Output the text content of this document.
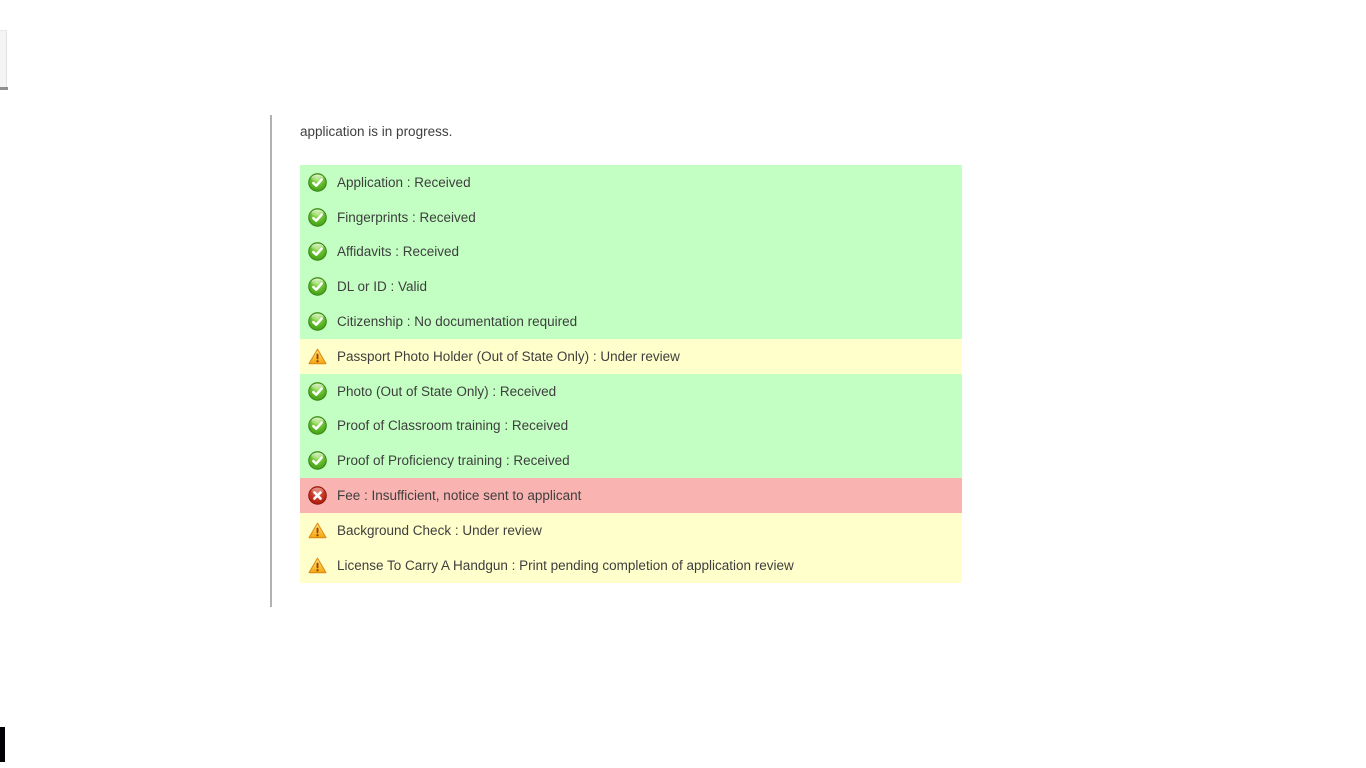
application is in progress.
Application : Received
Fingerprints : Received
Affidavits : Received
DL or ID : Valid
Citizenship : No documentation required
Passport Photo Holder (Out of State Only) : Under review
Photo (Out of State Only) : Received
Proof of Classroom training : Received
Proof of Proficiency training : Received
Fee : Insufficient, notice sent to applicant
Background Check : Under review
License To Carry A Handgun : Print pending completion of application review
